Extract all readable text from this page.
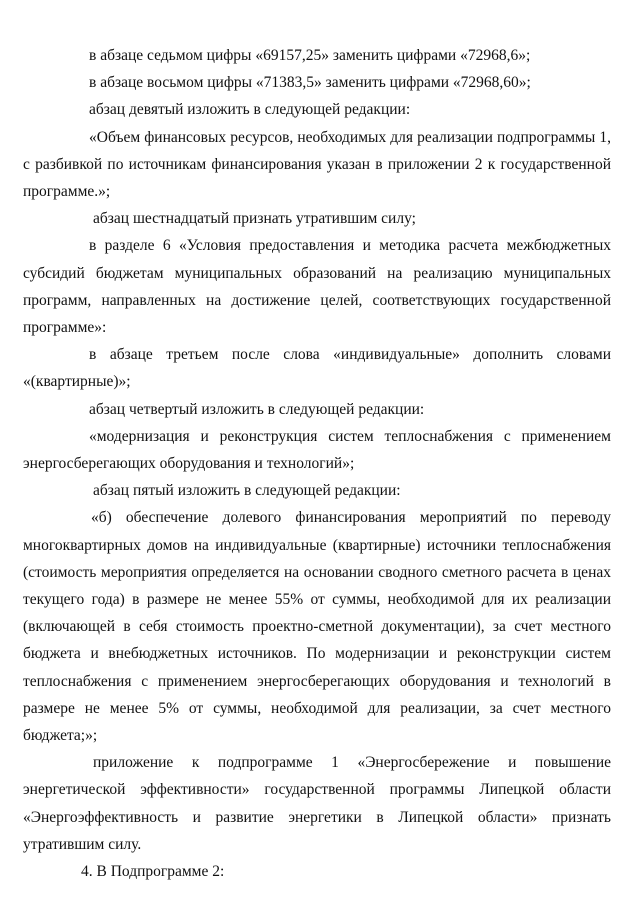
в абзаце седьмом цифры «69157,25» заменить цифрами «72968,6»;

в абзаце восьмом цифры «71383,5» заменить цифрами «72968,60»;

абзац девятый изложить в следующей редакции:

«Объем финансовых ресурсов, необходимых для реализации подпрограммы 1, с разбивкой по источникам финансирования указан в приложении 2 к государственной программе.»;

абзац шестнадцатый признать утратившим силу;

в разделе 6 «Условия предоставления и методика расчета межбюджетных субсидий бюджетам муниципальных образований на реализацию муниципальных программ, направленных на достижение целей, соответствующих государственной программе»:

в абзаце третьем после слова «индивидуальные» дополнить словами «(квартирные)»;

абзац четвертый изложить в следующей редакции:

«модернизация и реконструкция систем теплоснабжения с применением энергосберегающих оборудования и технологий»;

абзац пятый изложить в следующей редакции:

«б) обеспечение долевого финансирования мероприятий по переводу многоквартирных домов на индивидуальные (квартирные) источники теплоснабжения (стоимость мероприятия определяется на основании сводного сметного расчета в ценах текущего года) в размере не менее 55% от суммы, необходимой для их реализации (включающей в себя стоимость проектно-сметной документации), за счет местного бюджета и внебюджетных источников. По модернизации и реконструкции систем теплоснабжения с применением энергосберегающих оборудования и технологий в размере не менее 5% от суммы, необходимой для реализации, за счет местного бюджета;»;

приложение к подпрограмме 1 «Энергосбережение и повышение энергетической эффективности» государственной программы Липецкой области «Энергоэффективность и развитие энергетики в Липецкой области» признать утратившим силу.

4. В Подпрограмме 2:
